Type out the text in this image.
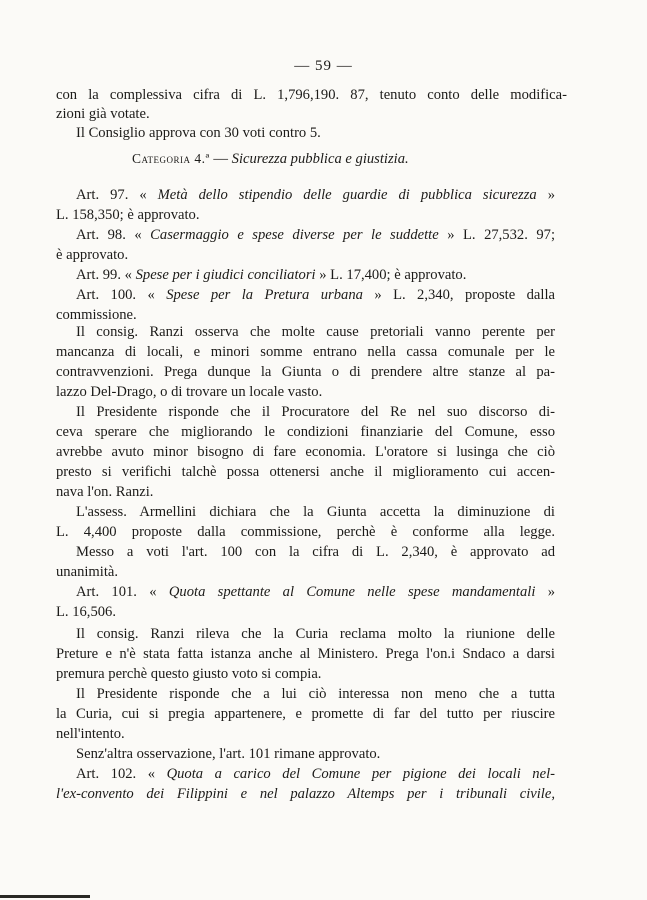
— 59 —
con la complessiva cifra di L. 1,796,190. 87, tenuto conto delle modifica-
zioni già votate.
Il Consiglio approva con 30 voti contro 5.
Categoria 4.ª — Sicurezza pubblica e giustizia.
Art. 97. « Metà dello stipendio delle guardie di pubblica sicurezza »
L. 158,350; è approvato.
Art. 98. « Casermaggio e spese diverse per le suddette » L. 27,532. 97;
è approvato.
Art. 99. « Spese per i giudici conciliatori » L. 17,400; è approvato.
Art. 100. « Spese per la Pretura urbana » L. 2,340, proposte dalla
commissione.
Il consig. Ranzi osserva che molte cause pretoriali vanno perente per
mancanza di locali, e minori somme entrano nella cassa comunale per le
contravvenzioni. Prega dunque la Giunta o di prendere altre stanze al pa-
lazzo Del-Drago, o di trovare un locale vasto.
Il Presidente risponde che il Procuratore del Re nel suo discorso di-
ceva sperare che migliorando le condizioni finanziarie del Comune, esso
avrebbe avuto minor bisogno di fare economia. L'oratore si lusinga che ciò
presto si verifichi talchè possa ottenersi anche il miglioramento cui accen-
nava l'on. Ranzi.
L'assess. Armellini dichiara che la Giunta accetta la diminuzione di
L. 4,400 proposte dalla commissione, perchè è conforme alla legge.
Messo a voti l'art. 100 con la cifra di L. 2,340, è approvato ad
unanimità.
Art. 101. « Quota spettante al Comune nelle spese mandamentali »
L. 16,506.
Il consig. Ranzi rileva che la Curia reclama molto la riunione delle
Preture e n'è stata fatta istanza anche al Ministero. Prega l'on.i Sndaco a darsi
premura perchè questo giusto voto si compia.
Il Presidente risponde che a lui ciò interessa non meno che a tutta
la Curia, cui si pregia appartenere, e promette di far del tutto per riuscire
nell'intento.
Senz'altra osservazione, l'art. 101 rimane approvato.
Art. 102. « Quota a carico del Comune per pigione dei locali nel-
l'ex-convento dei Filippini e nel palazzo Altemps per i tribunali civile,
